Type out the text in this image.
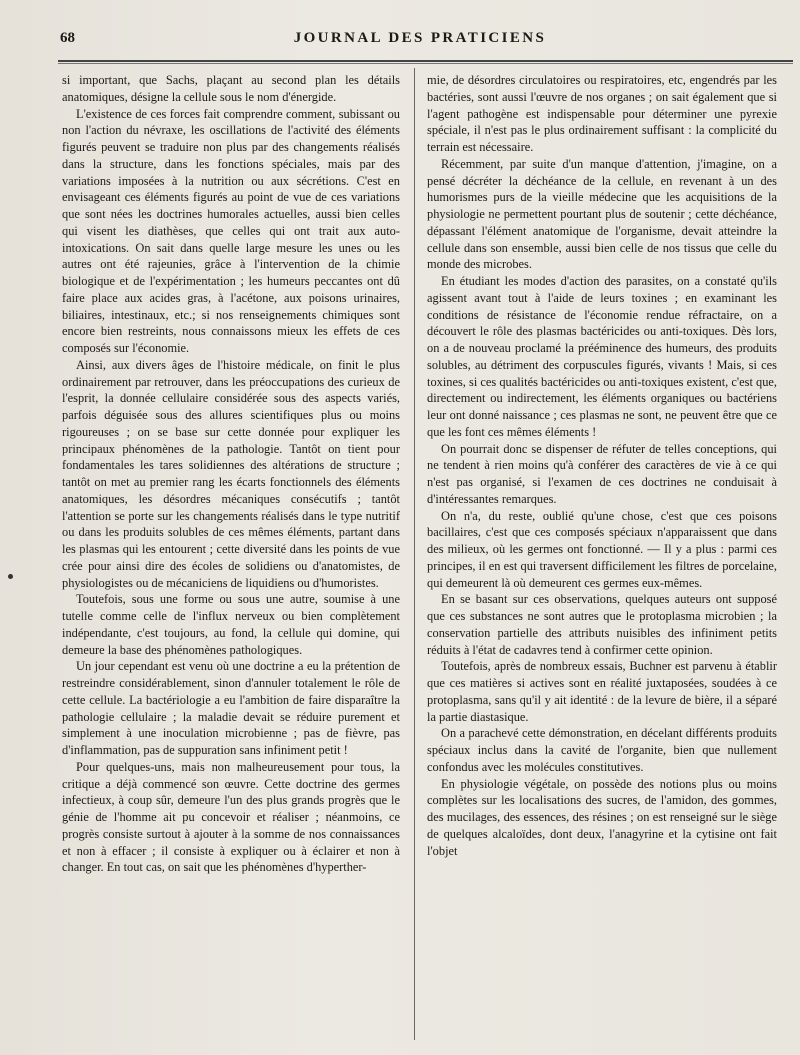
68	JOURNAL DES PRATICIENS

si important, que Sachs, plaçant au second plan les détails anatomiques, désigne la cellule sous le nom d'énergide.

L'existence de ces forces fait comprendre comment, subissant ou non l'action du névraxe, les oscillations de l'activité des éléments figurés peuvent se traduire non plus par des changements réalisés dans la structure, dans les fonctions spéciales, mais par des variations imposées à la nutrition ou aux sécrétions. C'est en envisageant ces éléments figurés au point de vue de ces variations que sont nées les doctrines humorales actuelles, aussi bien celles qui visent les diathèses, que celles qui ont trait aux auto-intoxications. On sait dans quelle large mesure les unes ou les autres ont été rajeunies, grâce à l'intervention de la chimie biologique et de l'expérimentation ; les humeurs peccantes ont dû faire place aux acides gras, à l'acétone, aux poisons urinaires, biliaires, intestinaux, etc.; si nos renseignements chimiques sont encore bien restreints, nous connaissons mieux les effets de ces composés sur l'économie.

Ainsi, aux divers âges de l'histoire médicale, on finit le plus ordinairement par retrouver, dans les préoccupations des curieux de l'esprit, la donnée cellulaire considérée sous des aspects variés, parfois déguisée sous des allures scientifiques plus ou moins rigoureuses ; on se base sur cette donnée pour expliquer les principaux phénomènes de la pathologie. Tantôt on tient pour fondamentales les tares solidiennes des altérations de structure ; tantôt on met au premier rang les écarts fonctionnels des éléments anatomiques, les désordres mécaniques consécutifs ; tantôt l'attention se porte sur les changements réalisés dans le type nutritif ou dans les produits solubles de ces mêmes éléments, partant dans les plasmas qui les entourent ; cette diversité dans les points de vue crée pour ainsi dire des écoles de solidiens ou d'anatomistes, de physiologistes ou de mécaniciens de liquidiens ou d'humoristes.

Toutefois, sous une forme ou sous une autre, soumise à une tutelle comme celle de l'influx nerveux ou bien complètement indépendante, c'est toujours, au fond, la cellule qui domine, qui demeure la base des phénomènes pathologiques.

Un jour cependant est venu où une doctrine a eu la prétention de restreindre considérablement, sinon d'annuler totalement le rôle de cette cellule. La bactériologie a eu l'ambition de faire disparaître la pathologie cellulaire ; la maladie devait se réduire purement et simplement à une inoculation microbienne ; pas de fièvre, pas d'inflammation, pas de suppuration sans infiniment petit !

Pour quelques-uns, mais non malheureusement pour tous, la critique a déjà commencé son œuvre. Cette doctrine des germes infectieux, à coup sûr, demeure l'un des plus grands progrès que le génie de l'homme ait pu concevoir et réaliser ; néanmoins, ce progrès consiste surtout à ajouter à la somme de nos connaissances et non à effacer ; il consiste à expliquer ou à éclairer et non à changer. En tout cas, on sait que les phénomènes d'hyperther-

mie, de désordres circulatoires ou respiratoires, etc, engendrés par les bactéries, sont aussi l'œuvre de nos organes ; on sait également que si l'agent pathogène est indispensable pour déterminer une pyrexie spéciale, il n'est pas le plus ordinairement suffisant : la complicité du terrain est nécessaire.

Récemment, par suite d'un manque d'attention, j'imagine, on a pensé décréter la déchéance de la cellule, en revenant à un des humorismes purs de la vieille médecine que les acquisitions de la physiologie ne permettent pourtant plus de soutenir ; cette déchéance, dépassant l'élément anatomique de l'organisme, devait atteindre la cellule dans son ensemble, aussi bien celle de nos tissus que celle du monde des microbes.

En étudiant les modes d'action des parasites, on a constaté qu'ils agissent avant tout à l'aide de leurs toxines ; en examinant les conditions de résistance de l'économie rendue réfractaire, on a découvert le rôle des plasmas bactéricides ou anti-toxiques. Dès lors, on a de nouveau proclamé la prééminence des humeurs, des produits solubles, au détriment des corpuscules figurés, vivants ! Mais, si ces toxines, si ces qualités bactéricides ou anti-toxiques existent, c'est que, directement ou indirectement, les éléments organiques ou bactériens leur ont donné naissance ; ces plasmas ne sont, ne peuvent être que ce que les font ces mêmes éléments !

On pourrait donc se dispenser de réfuter de telles conceptions, qui ne tendent à rien moins qu'à conférer des caractères de vie à ce qui n'est pas organisé, si l'examen de ces doctrines ne conduisait à d'intéressantes remarques.

On n'a, du reste, oublié qu'une chose, c'est que ces poisons bacillaires, c'est que ces composés spéciaux n'apparaissent que dans des milieux, où les germes ont fonctionné. — Il y a plus : parmi ces principes, il en est qui traversent difficilement les filtres de porcelaine, qui demeurent là où demeurent ces germes eux-mêmes.

En se basant sur ces observations, quelques auteurs ont supposé que ces substances ne sont autres que le protoplasma microbien ; la conservation partielle des attributs nuisibles des infiniment petits réduits à l'état de cadavres tend à confirmer cette opinion.

Toutefois, après de nombreux essais, Buchner est parvenu à établir que ces matières si actives sont en réalité juxtaposées, soudées à ce protoplasma, sans qu'il y ait identité : de la levure de bière, il a séparé la partie diastasique.

On a parachevé cette démonstration, en décelant différents produits spéciaux inclus dans la cavité de l'organite, bien que nullement confondus avec les molécules constitutives.

En physiologie végétale, on possède des notions plus ou moins complètes sur les localisations des sucres, de l'amidon, des gommes, des mucilages, des essences, des résines ; on est renseigné sur le siège de quelques alcaloïdes, dont deux, l'anagyrine et la cytisine ont fait l'objet
